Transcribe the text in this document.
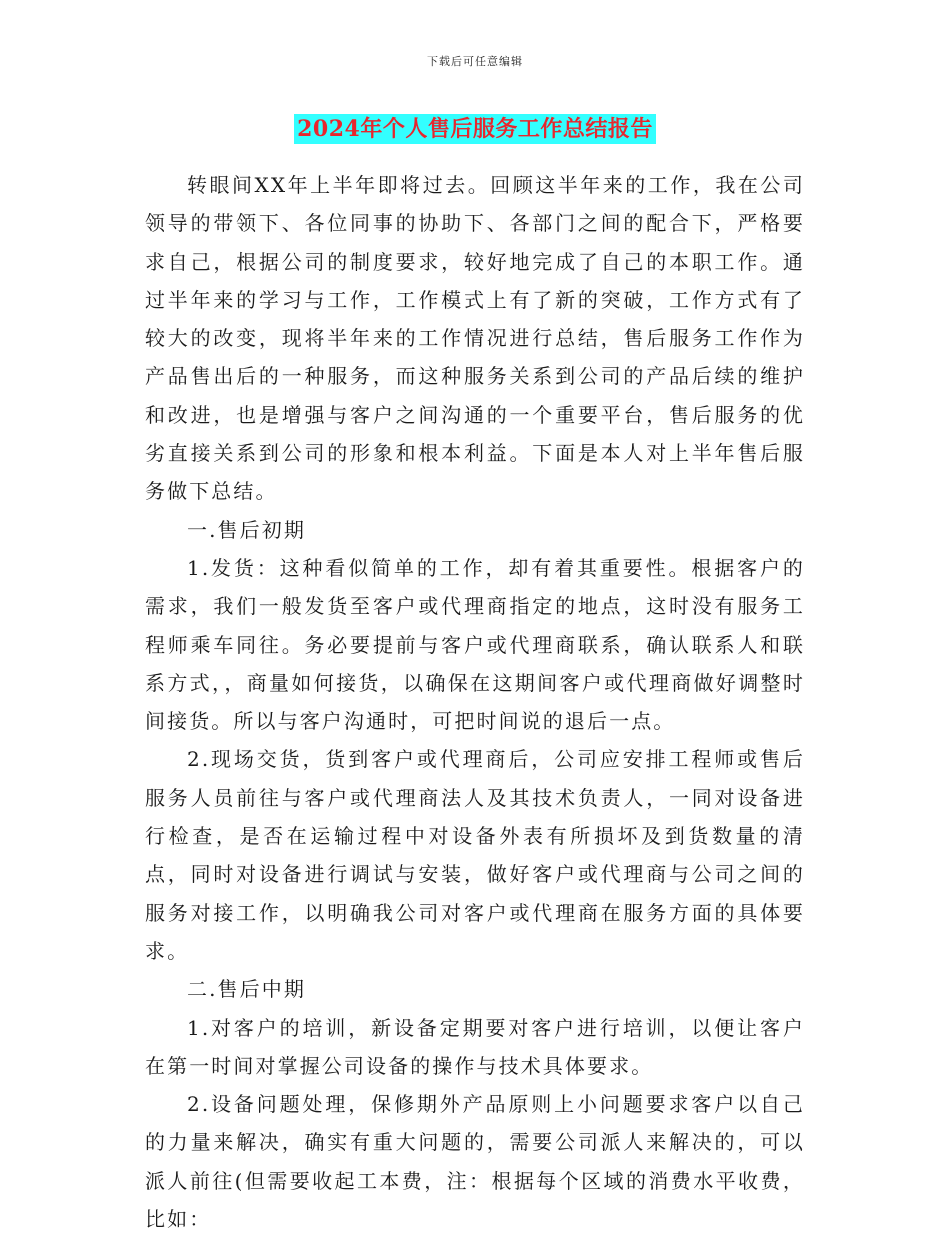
下载后可任意编辑
2024年个人售后服务工作总结报告

转眼间XX年上半年即将过去。回顾这半年来的工作，我在公司领导的带领下、各位同事的协助下、各部门之间的配合下，严格要求自己，根据公司的制度要求，较好地完成了自己的本职工作。通过半年来的学习与工作，工作模式上有了新的突破，工作方式有了较大的改变，现将半年来的工作情况进行总结，售后服务工作作为产品售出后的一种服务，而这种服务关系到公司的产品后续的维护和改进，也是增强与客户之间沟通的一个重要平台，售后服务的优劣直接关系到公司的形象和根本利益。下面是本人对上半年售后服务做下总结。

一.售后初期

1.发货：这种看似简单的工作，却有着其重要性。根据客户的需求，我们一般发货至客户或代理商指定的地点，这时没有服务工程师乘车同往。务必要提前与客户或代理商联系，确认联系人和联系方式，，商量如何接货，以确保在这期间客户或代理商做好调整时间接货。所以与客户沟通时，可把时间说的退后一点。

2.现场交货，货到客户或代理商后，公司应安排工程师或售后服务人员前往与客户或代理商法人及其技术负责人，一同对设备进行检查，是否在运输过程中对设备外表有所损坏及到货数量的清点，同时对设备进行调试与安装，做好客户或代理商与公司之间的服务对接工作，以明确我公司对客户或代理商在服务方面的具体要求。

二.售后中期

1.对客户的培训，新设备定期要对客户进行培训，以便让客户在第一时间对掌握公司设备的操作与技术具体要求。

2.设备问题处理，保修期外产品原则上小问题要求客户以自己的力量来解决，确实有重大问题的，需要公司派人来解决的，可以派人前往(但需要收起工本费，注：根据每个区域的消费水平收费，比如：
